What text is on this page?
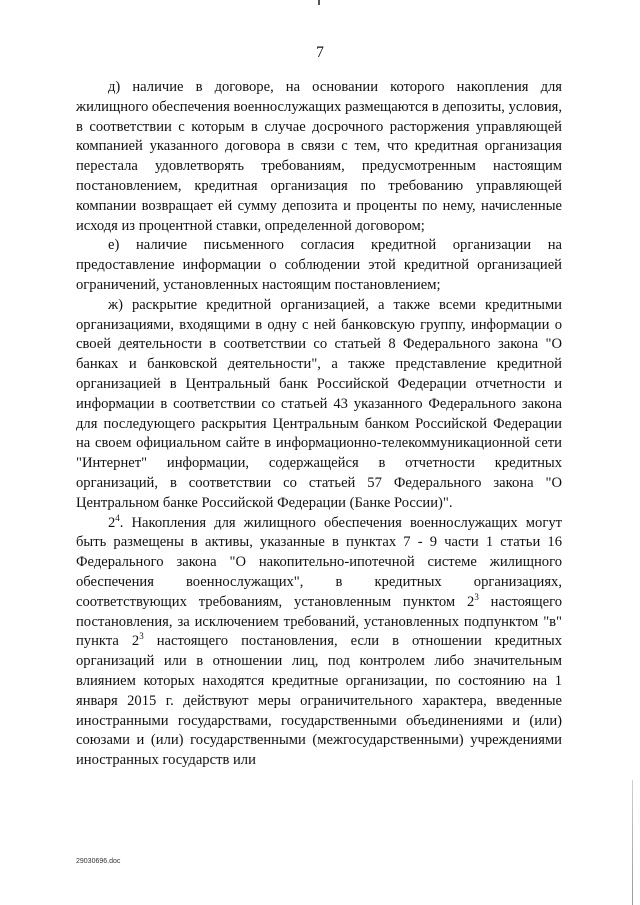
7

д) наличие в договоре, на основании которого накопления для жилищного обеспечения военнослужащих размещаются в депозиты, условия, в соответствии с которым в случае досрочного расторжения управляющей компанией указанного договора в связи с тем, что кредитная организация перестала удовлетворять требованиям, предусмотренным настоящим постановлением, кредитная организация по требованию управляющей компании возвращает ей сумму депозита и проценты по нему, начисленные исходя из процентной ставки, определенной договором;

е) наличие письменного согласия кредитной организации на предоставление информации о соблюдении этой кредитной организацией ограничений, установленных настоящим постановлением;

ж) раскрытие кредитной организацией, а также всеми кредитными организациями, входящими в одну с ней банковскую группу, информации о своей деятельности в соответствии со статьей 8 Федерального закона "О банках и банковской деятельности", а также представление кредитной организацией в Центральный банк Российской Федерации отчетности и информации в соответствии со статьей 43 указанного Федерального закона для последующего раскрытия Центральным банком Российской Федерации на своем официальном сайте в информационно-телекоммуникационной сети "Интернет" информации, содержащейся в отчетности кредитных организаций, в соответствии со статьей 57 Федерального закона "О Центральном банке Российской Федерации (Банке России)".

$2^4$. Накопления для жилищного обеспечения военнослужащих могут быть размещены в активы, указанные в пунктах 7 - 9 части 1 статьи 16 Федерального закона "О накопительно-ипотечной системе жилищного обеспечения военнослужащих", в кредитных организациях, соответствующих требованиям, установленным пунктом $2^3$ настоящего постановления, за исключением требований, установленных подпунктом "в" пункта $2^3$ настоящего постановления, если в отношении кредитных организаций или в отношении лиц, под контролем либо значительным влиянием которых находятся кредитные организации, по состоянию на 1 января 2015 г. действуют меры ограничительного характера, введенные иностранными государствами, государственными объединениями и (или) союзами и (или) государственными (межгосударственными) учреждениями иностранных государств или

29030696.doc
